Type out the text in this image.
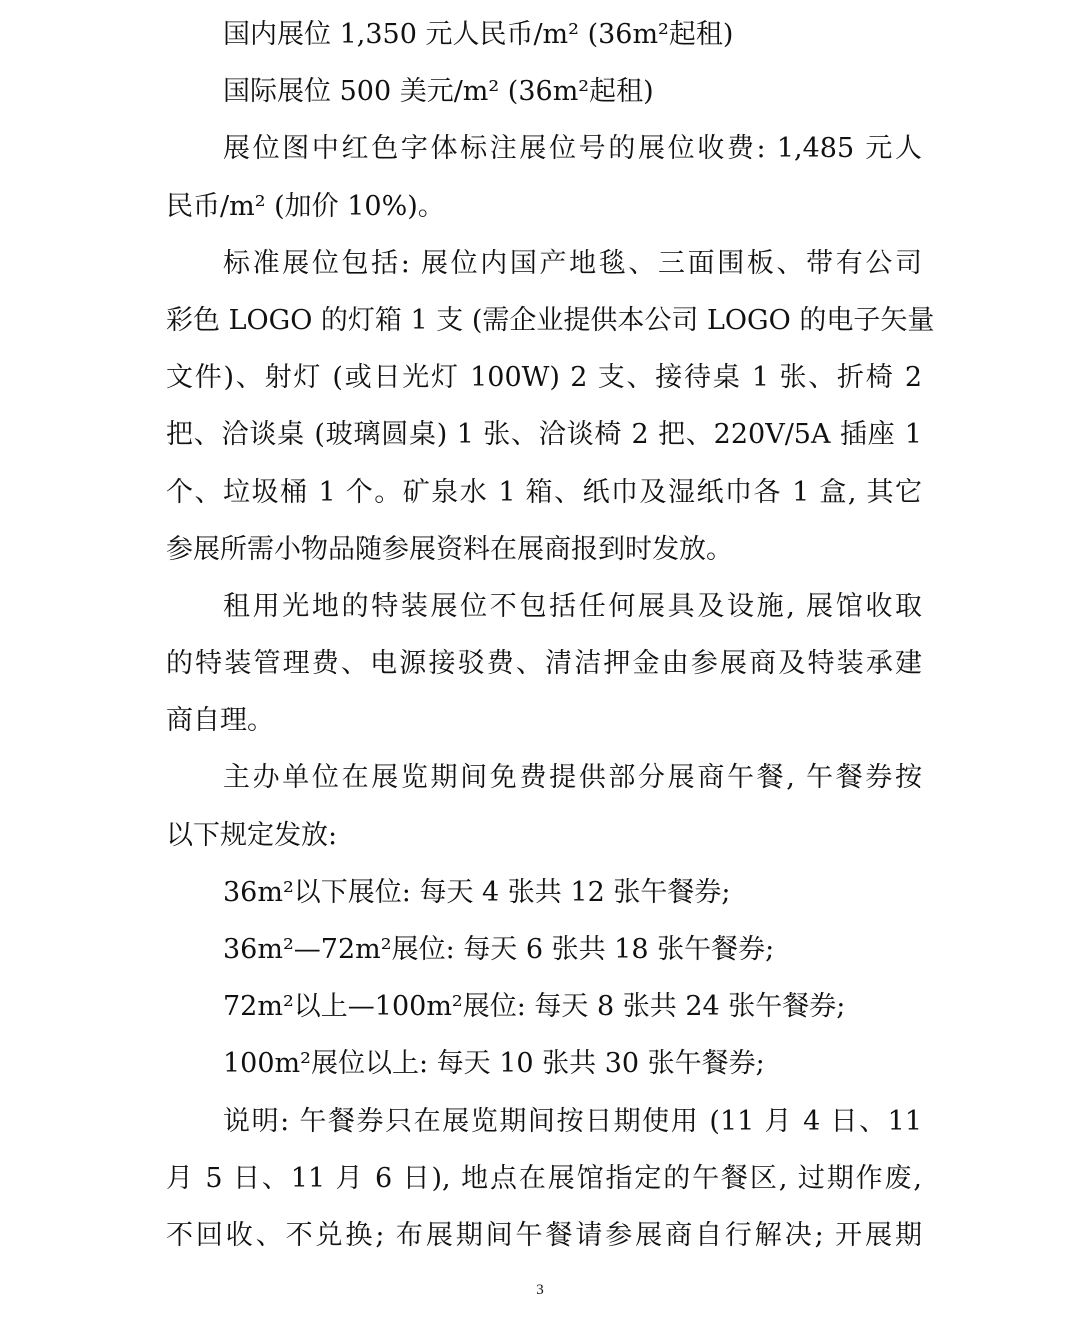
国内展位 1,350 元人民币/m² (36m²起租)
国际展位 500 美元/m² (36m²起租)
展位图中红色字体标注展位号的展位收费: 1,485 元人
民币/m² (加价 10%)。
标准展位包括: 展位内国产地毯、三面围板、带有公司
彩色 LOGO 的灯箱 1 支 (需企业提供本公司 LOGO 的电子矢量
文件)、射灯 (或日光灯 100W) 2 支、接待桌 1 张、折椅 2
把、洽谈桌 (玻璃圆桌) 1 张、洽谈椅 2 把、220V/5A 插座 1
个、垃圾桶 1 个。矿泉水 1 箱、纸巾及湿纸巾各 1 盒, 其它
参展所需小物品随参展资料在展商报到时发放。
租用光地的特装展位不包括任何展具及设施, 展馆收取
的特装管理费、电源接驳费、清洁押金由参展商及特装承建
商自理。
主办单位在展览期间免费提供部分展商午餐, 午餐券按
以下规定发放:
36m²以下展位: 每天 4 张共 12 张午餐券;
36m²—72m²展位: 每天 6 张共 18 张午餐券;
72m²以上—100m²展位: 每天 8 张共 24 张午餐券;
100m²展位以上: 每天 10 张共 30 张午餐券;
说明: 午餐券只在展览期间按日期使用 (11 月 4 日、11
月 5 日、11 月 6 日), 地点在展馆指定的午餐区, 过期作废,
不回收、不兑换; 布展期间午餐请参展商自行解决; 开展期
3
